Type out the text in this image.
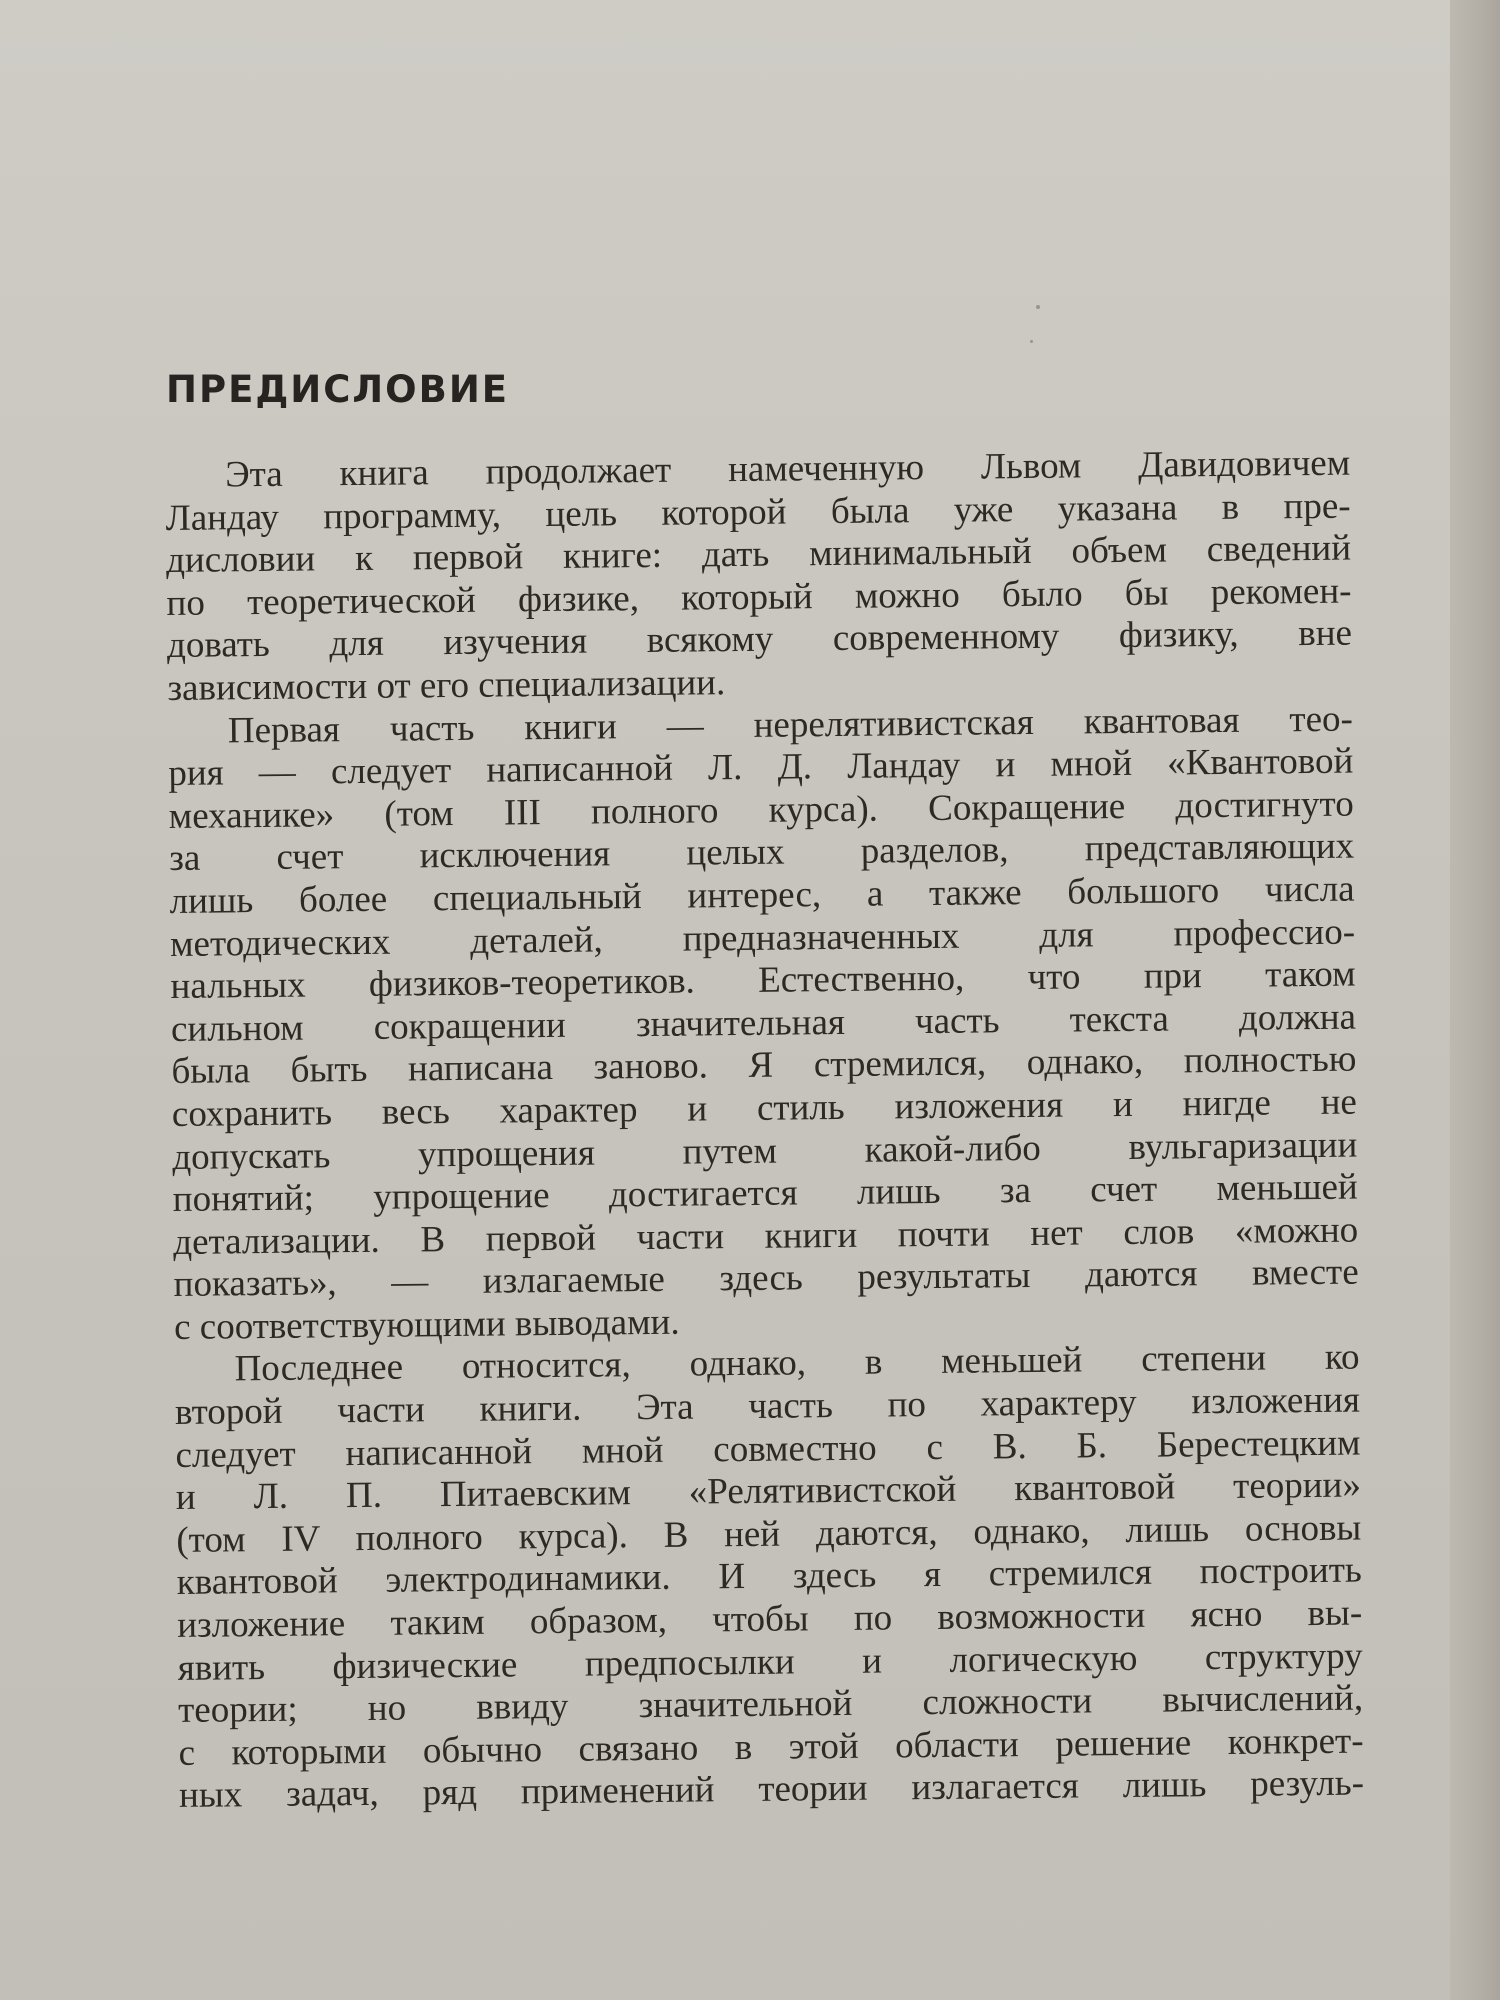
ПРЕДИСЛОВИЕ
Эта книга продолжает намеченную Львом Давидовичем
Ландау программу, цель которой была уже указана в пре-
дисловии к первой книге: дать минимальный объем сведений
по теоретической физике, который можно было бы рекомен-
довать для изучения всякому современному физику, вне
зависимости от его специализации.
Первая часть книги — нерелятивистская квантовая тео-
рия — следует написанной Л. Д. Ландау и мной «Квантовой
механике» (том III полного курса). Сокращение достигнуто
за счет исключения целых разделов, представляющих
лишь более специальный интерес, а также большого числа
методических деталей, предназначенных для профессио-
нальных физиков-теоретиков. Естественно, что при таком
сильном сокращении значительная часть текста должна
была быть написана заново. Я стремился, однако, полностью
сохранить весь характер и стиль изложения и нигде не
допускать упрощения путем какой-либо вульгаризации
понятий; упрощение достигается лишь за счет меньшей
детализации. В первой части книги почти нет слов «можно
показать», — излагаемые здесь результаты даются вместе
с соответствующими выводами.
Последнее относится, однако, в меньшей степени ко
второй части книги. Эта часть по характеру изложения
следует написанной мной совместно с В. Б. Берестецким
и Л. П. Питаевским «Релятивистской квантовой теории»
(том IV полного курса). В ней даются, однако, лишь основы
квантовой электродинамики. И здесь я стремился построить
изложение таким образом, чтобы по возможности ясно вы-
явить физические предпосылки и логическую структуру
теории; но ввиду значительной сложности вычислений,
с которыми обычно связано в этой области решение конкрет-
ных задач, ряд применений теории излагается лишь резуль-
